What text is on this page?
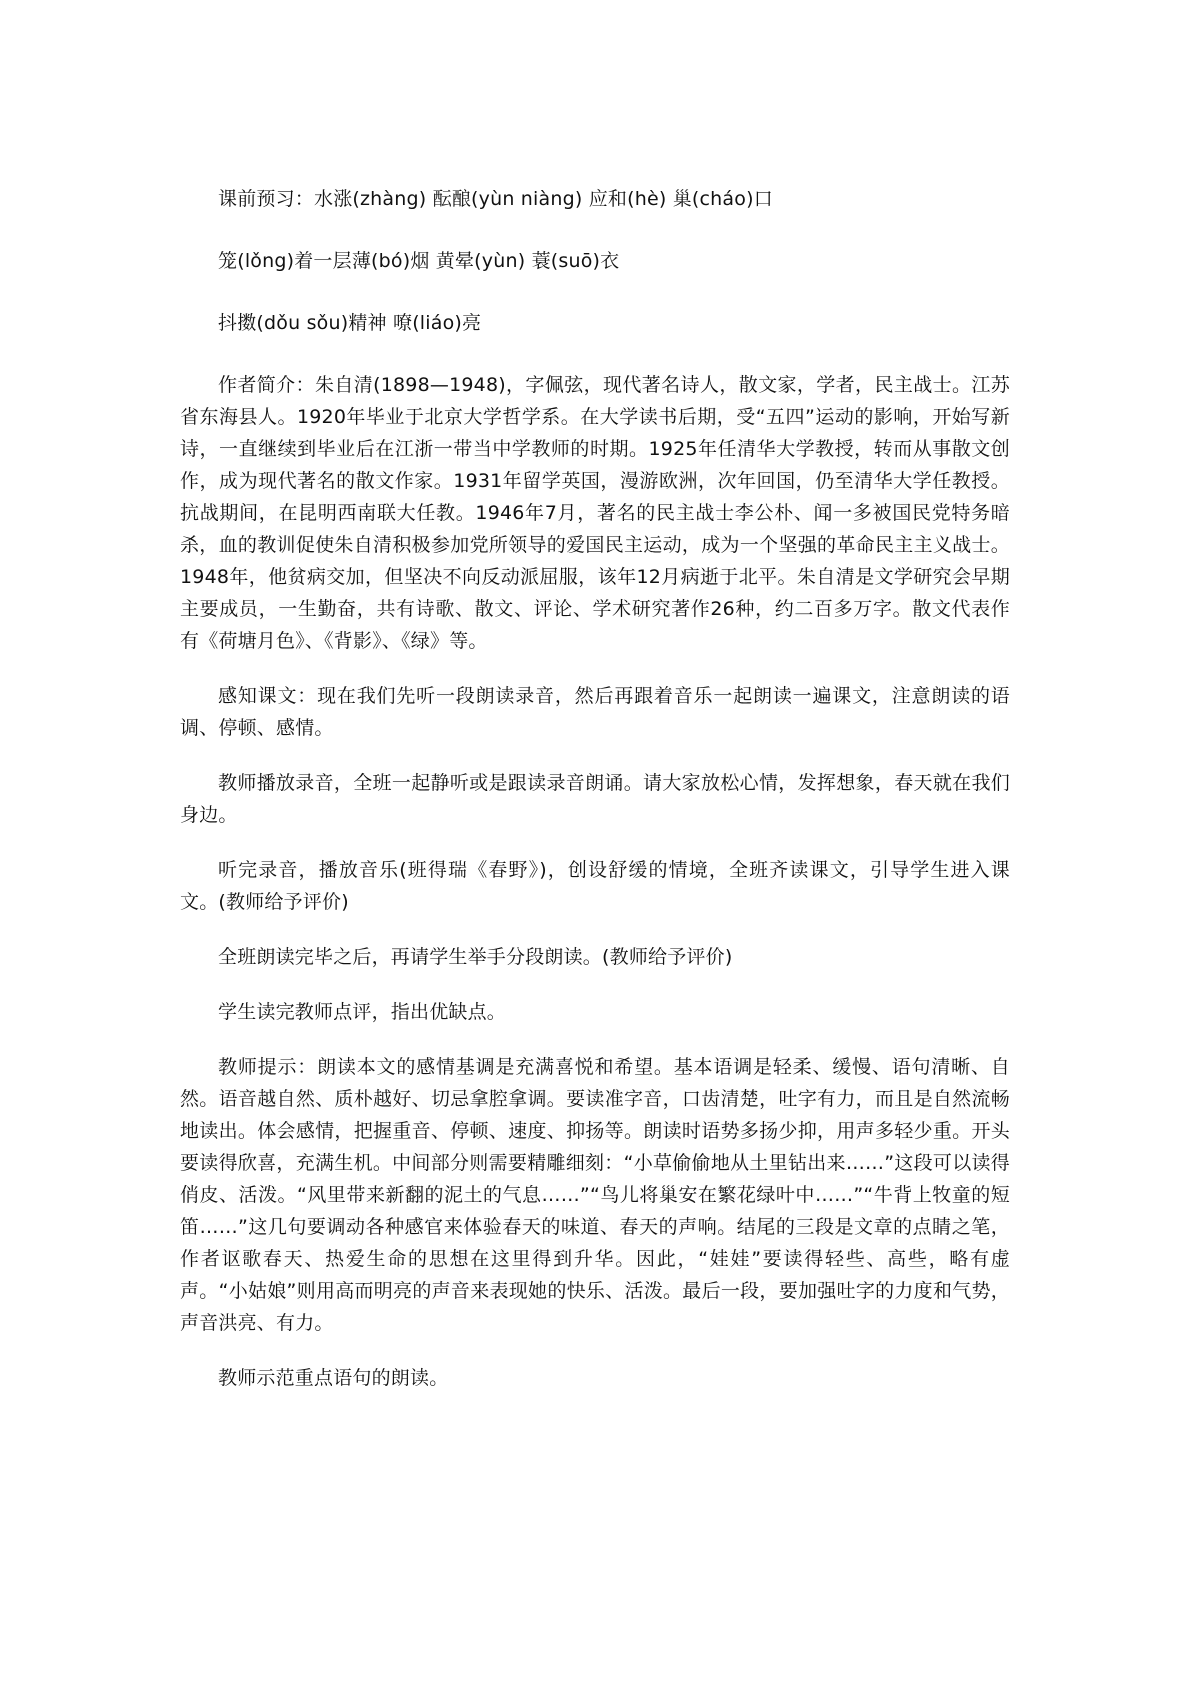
课前预习：水涨(zhàng) 酝酿(yùn niàng) 应和(hè) 巢(cháo)口

笼(lǒng)着一层薄(bó)烟 黄晕(yùn) 蓑(suō)衣

抖擞(dǒu sǒu)精神 嘹(liáo)亮

作者简介：朱自清(1898—1948)，字佩弦，现代著名诗人，散文家，学者，民主战士。江苏省东海县人。1920年毕业于北京大学哲学系。在大学读书后期，受“五四”运动的影响，开始写新诗，一直继续到毕业后在江浙一带当中学教师的时期。1925年任清华大学教授，转而从事散文创作，成为现代著名的散文作家。1931年留学英国，漫游欧洲，次年回国，仍至清华大学任教授。抗战期间，在昆明西南联大任教。1946年7月，著名的民主战士李公朴、闻一多被国民党特务暗杀，血的教训促使朱自清积极参加党所领导的爱国民主运动，成为一个坚强的革命民主主义战士。1948年，他贫病交加，但坚决不向反动派屈服，该年12月病逝于北平。朱自清是文学研究会早期主要成员，一生勤奋，共有诗歌、散文、评论、学术研究著作26种，约二百多万字。散文代表作有《荷塘月色》、《背影》、《绿》等。

感知课文：现在我们先听一段朗读录音，然后再跟着音乐一起朗读一遍课文，注意朗读的语调、停顿、感情。

教师播放录音，全班一起静听或是跟读录音朗诵。请大家放松心情，发挥想象，春天就在我们身边。

听完录音，播放音乐(班得瑞《春野》)，创设舒缓的情境，全班齐读课文，引导学生进入课文。(教师给予评价)

全班朗读完毕之后，再请学生举手分段朗读。(教师给予评价)

学生读完教师点评，指出优缺点。

教师提示：朗读本文的感情基调是充满喜悦和希望。基本语调是轻柔、缓慢、语句清晰、自然。语音越自然、质朴越好、切忌拿腔拿调。要读准字音，口齿清楚，吐字有力，而且是自然流畅地读出。体会感情，把握重音、停顿、速度、抑扬等。朗读时语势多扬少抑，用声多轻少重。开头要读得欣喜，充满生机。中间部分则需要精雕细刻：“小草偷偷地从土里钻出来……”这段可以读得俏皮、活泼。“风里带来新翻的泥土的气息……”“鸟儿将巢安在繁花绿叶中……”“牛背上牧童的短笛……”这几句要调动各种感官来体验春天的味道、春天的声响。结尾的三段是文章的点睛之笔，作者讴歌春天、热爱生命的思想在这里得到升华。因此，“娃娃”要读得轻些、高些，略有虚声。“小姑娘”则用高而明亮的声音来表现她的快乐、活泼。最后一段，要加强吐字的力度和气势，声音洪亮、有力。

教师示范重点语句的朗读。
